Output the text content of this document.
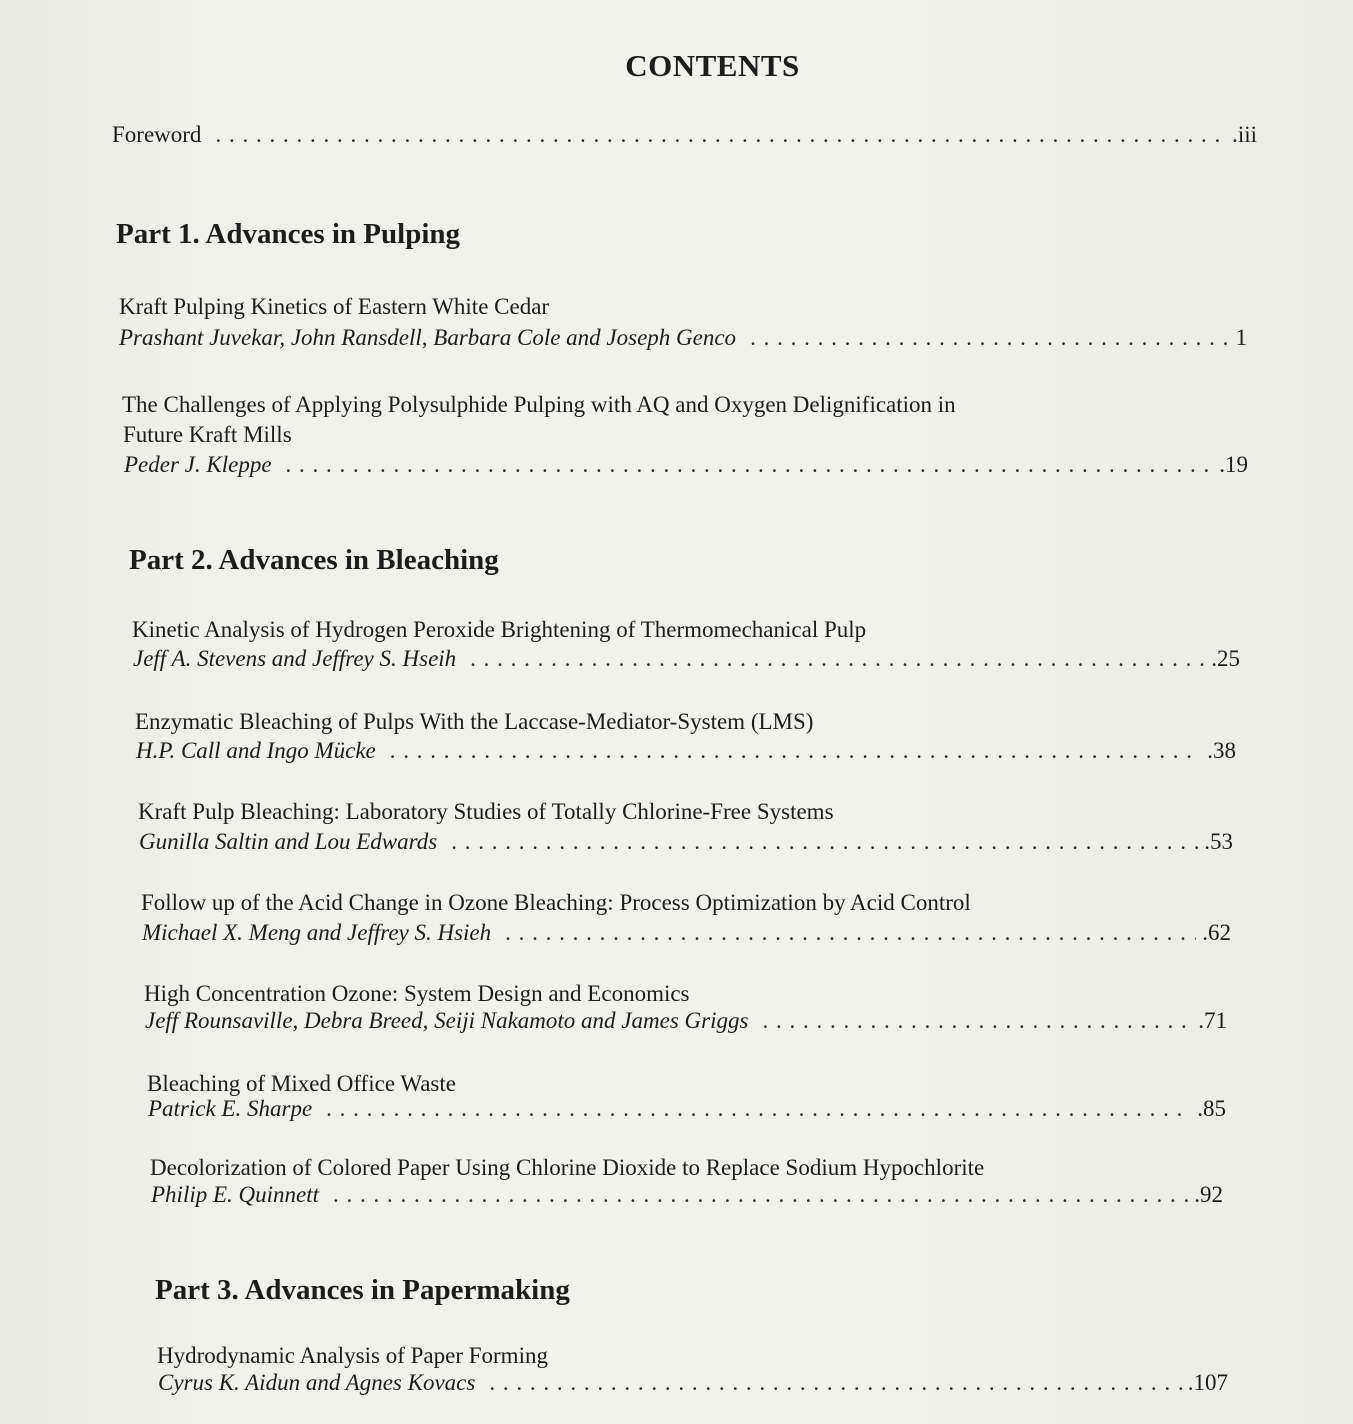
CONTENTS
Foreword . . .	.iii
Part 1. Advances in Pulping
Kraft Pulping Kinetics of Eastern White Cedar
Prashant Juvekar, John Ransdell, Barbara Cole and Joseph Genco . . .	1
The Challenges of Applying Polysulphide Pulping with AQ and Oxygen Delignification in
Future Kraft Mills
Peder J. Kleppe . . .	.19
Part 2. Advances in Bleaching
Kinetic Analysis of Hydrogen Peroxide Brightening of Thermomechanical Pulp
Jeff A. Stevens and Jeffrey S. Hseih . . .	.25
Enzymatic Bleaching of Pulps With the Laccase-Mediator-System (LMS)
H.P. Call and Ingo Mücke . . .	.38
Kraft Pulp Bleaching: Laboratory Studies of Totally Chlorine-Free Systems
Gunilla Saltin and Lou Edwards . . .	.53
Follow up of the Acid Change in Ozone Bleaching: Process Optimization by Acid Control
Michael X. Meng and Jeffrey S. Hsieh . . .	.62
High Concentration Ozone: System Design and Economics
Jeff Rounsaville, Debra Breed, Seiji Nakamoto and James Griggs . . .	.71
Bleaching of Mixed Office Waste
Patrick E. Sharpe . . .	.85
Decolorization of Colored Paper Using Chlorine Dioxide to Replace Sodium Hypochlorite
Philip E. Quinnett . . .	.92
Part 3. Advances in Papermaking
Hydrodynamic Analysis of Paper Forming
Cyrus K. Aidun and Agnes Kovacs . . .	.107
